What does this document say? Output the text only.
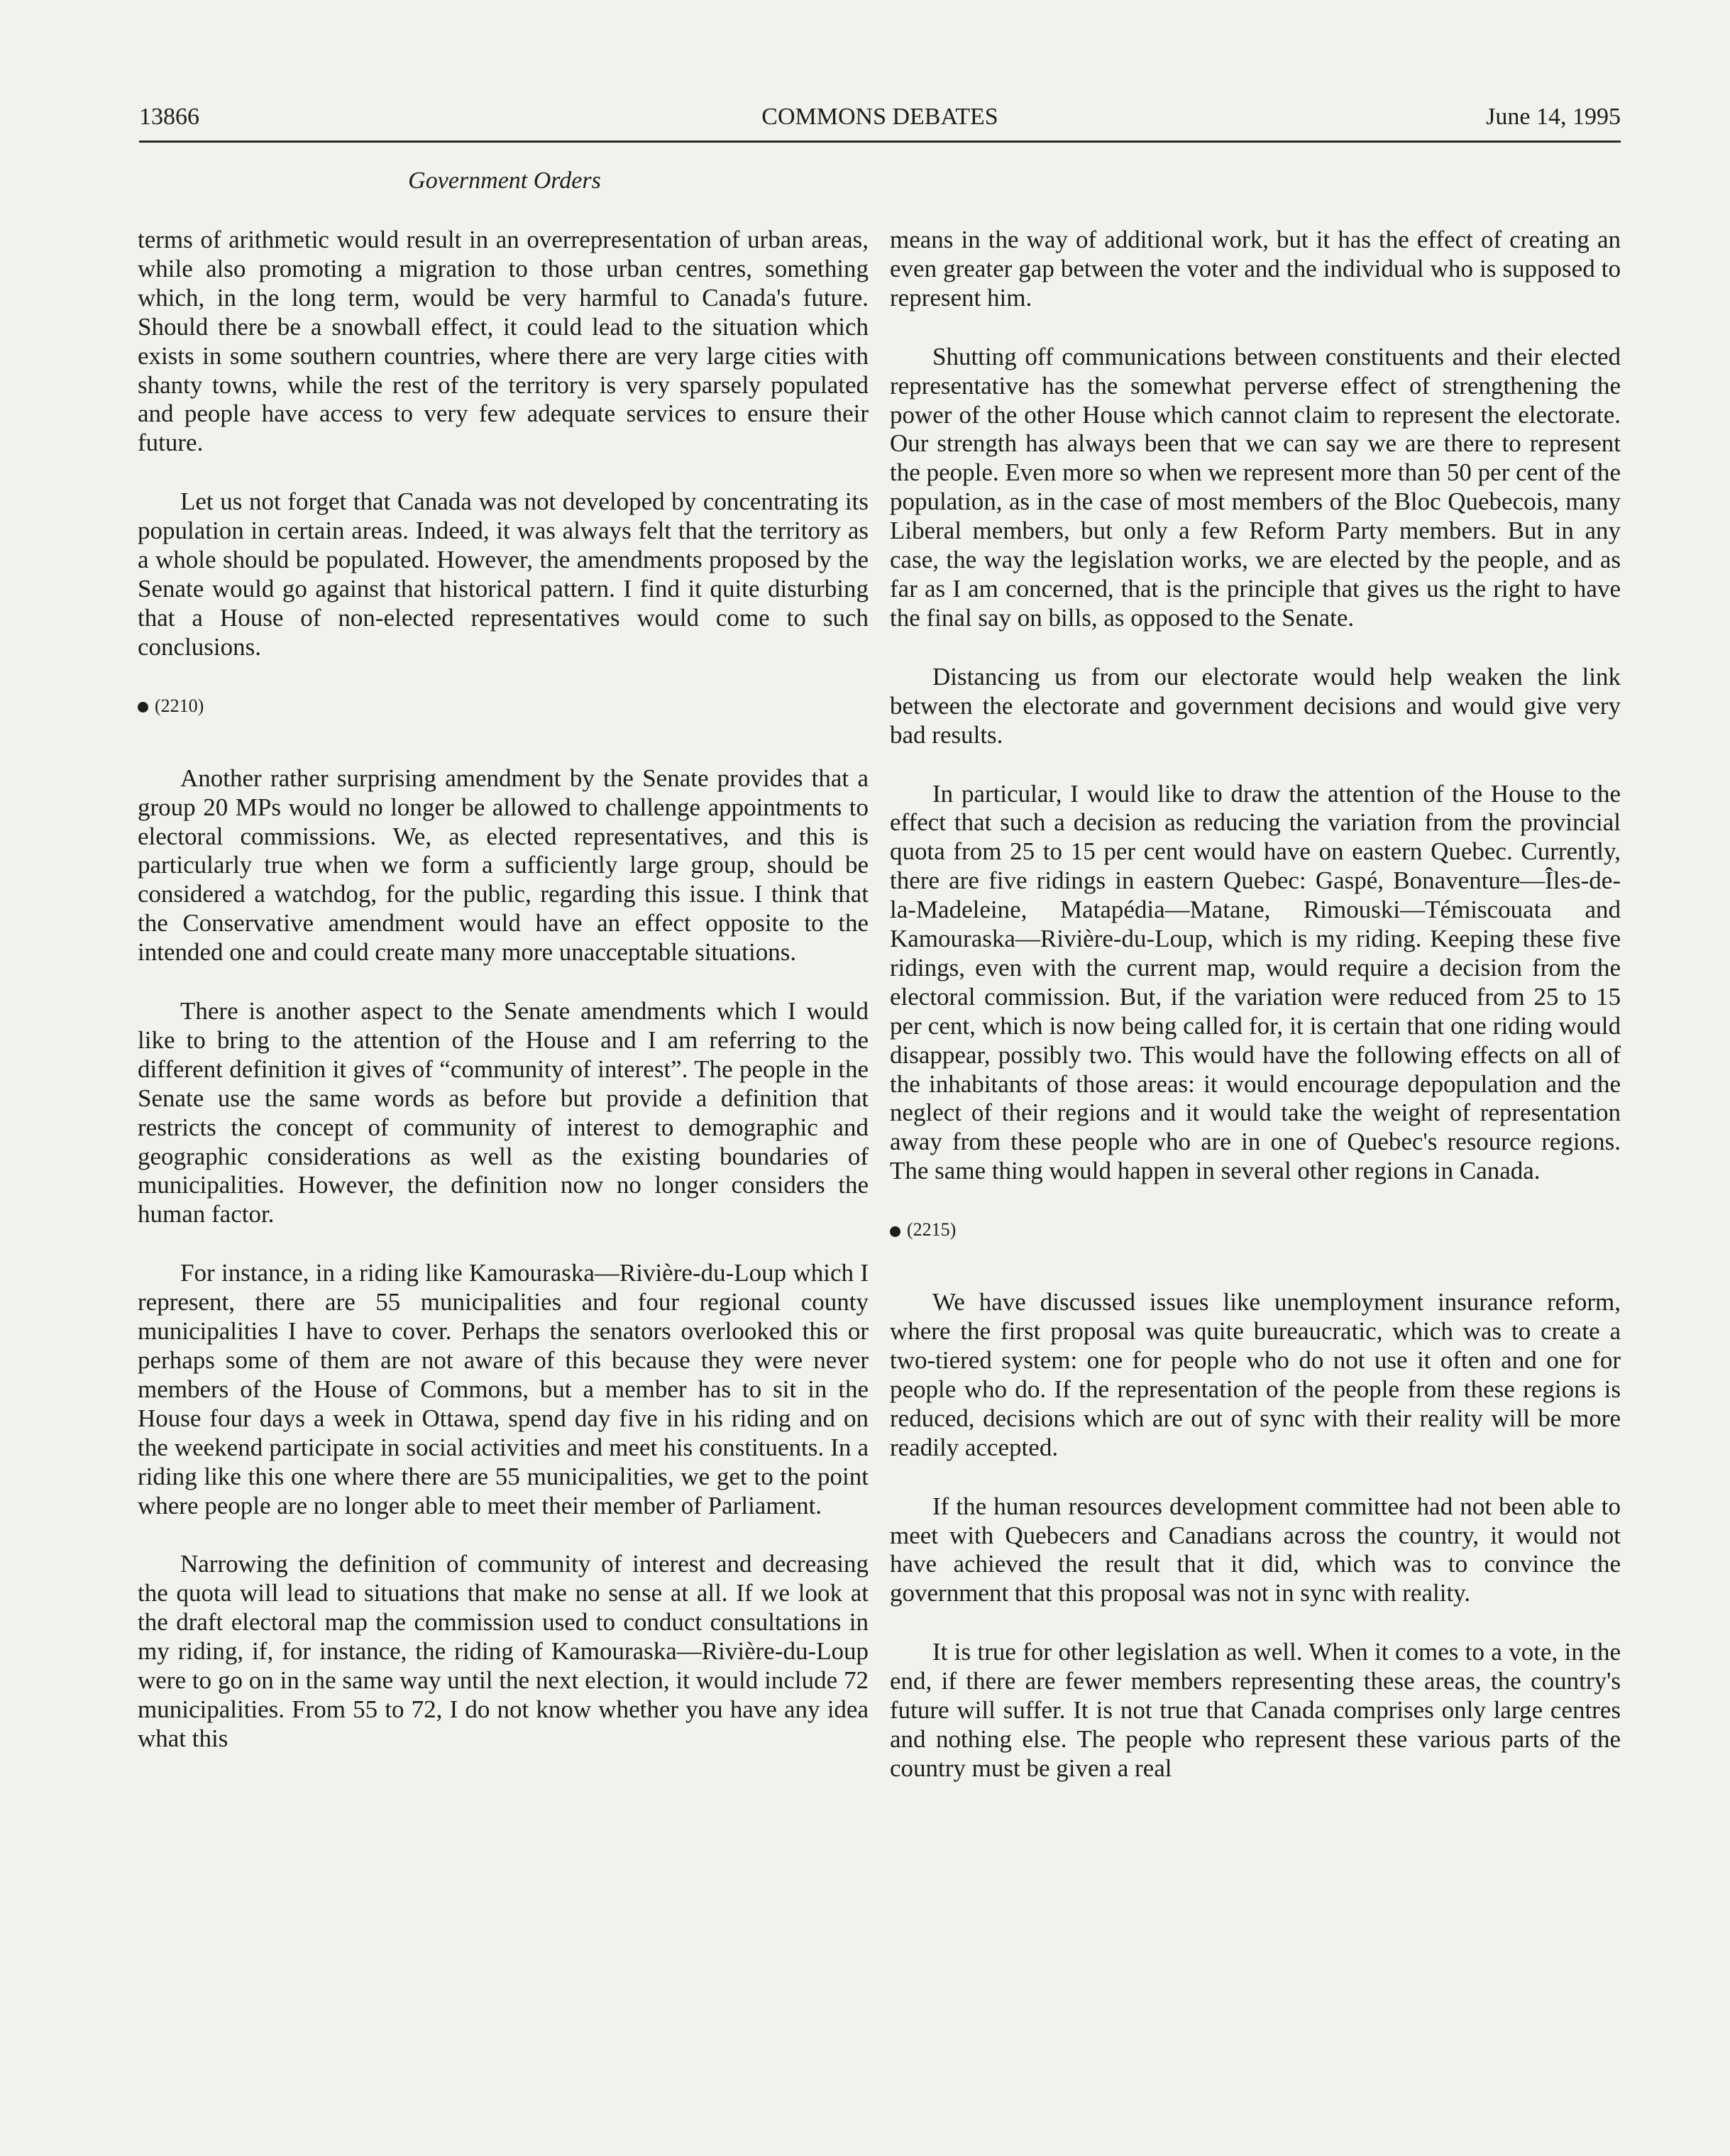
13866	COMMONS DEBATES	June 14, 1995
Government Orders

terms of arithmetic would result in an overrepresentation of urban areas, while also promoting a migration to those urban centres, something which, in the long term, would be very harmful to Canada's future. Should there be a snowball effect, it could lead to the situation which exists in some southern countries, where there are very large cities with shanty towns, while the rest of the territory is very sparsely populated and people have access to very few adequate services to ensure their future.

Let us not forget that Canada was not developed by concentrating its population in certain areas. Indeed, it was always felt that the territory as a whole should be populated. However, the amendments proposed by the Senate would go against that historical pattern. I find it quite disturbing that a House of non-elected representatives would come to such conclusions.

(2210)

Another rather surprising amendment by the Senate provides that a group 20 MPs would no longer be allowed to challenge appointments to electoral commissions. We, as elected representatives, and this is particularly true when we form a sufficiently large group, should be considered a watchdog, for the public, regarding this issue. I think that the Conservative amendment would have an effect opposite to the intended one and could create many more unacceptable situations.

There is another aspect to the Senate amendments which I would like to bring to the attention of the House and I am referring to the different definition it gives of “community of interest”. The people in the Senate use the same words as before but provide a definition that restricts the concept of community of interest to demographic and geographic considerations as well as the existing boundaries of municipalities. However, the definition now no longer considers the human factor.

For instance, in a riding like Kamouraska—Rivière-du-Loup which I represent, there are 55 municipalities and four regional county municipalities I have to cover. Perhaps the senators overlooked this or perhaps some of them are not aware of this because they were never members of the House of Commons, but a member has to sit in the House four days a week in Ottawa, spend day five in his riding and on the weekend participate in social activities and meet his constituents. In a riding like this one where there are 55 municipalities, we get to the point where people are no longer able to meet their member of Parliament.

Narrowing the definition of community of interest and decreasing the quota will lead to situations that make no sense at all. If we look at the draft electoral map the commission used to conduct consultations in my riding, if, for instance, the riding of Kamouraska—Rivière-du-Loup were to go on in the same way until the next election, it would include 72 municipalities. From 55 to 72, I do not know whether you have any idea what this

means in the way of additional work, but it has the effect of creating an even greater gap between the voter and the individual who is supposed to represent him.

Shutting off communications between constituents and their elected representative has the somewhat perverse effect of strengthening the power of the other House which cannot claim to represent the electorate. Our strength has always been that we can say we are there to represent the people. Even more so when we represent more than 50 per cent of the population, as in the case of most members of the Bloc Quebecois, many Liberal members, but only a few Reform Party members. But in any case, the way the legislation works, we are elected by the people, and as far as I am concerned, that is the principle that gives us the right to have the final say on bills, as opposed to the Senate.

Distancing us from our electorate would help weaken the link between the electorate and government decisions and would give very bad results.

In particular, I would like to draw the attention of the House to the effect that such a decision as reducing the variation from the provincial quota from 25 to 15 per cent would have on eastern Quebec. Currently, there are five ridings in eastern Quebec: Gaspé, Bonaventure—Îles-de-la-Madeleine, Matapédia—Matane, Rimouski—Témiscouata and Kamouraska—Rivière-du-Loup, which is my riding. Keeping these five ridings, even with the current map, would require a decision from the electoral commission. But, if the variation were reduced from 25 to 15 per cent, which is now being called for, it is certain that one riding would disappear, possibly two. This would have the following effects on all of the inhabitants of those areas: it would encourage depopulation and the neglect of their regions and it would take the weight of representation away from these people who are in one of Quebec's resource regions. The same thing would happen in several other regions in Canada.

(2215)

We have discussed issues like unemployment insurance reform, where the first proposal was quite bureaucratic, which was to create a two-tiered system: one for people who do not use it often and one for people who do. If the representation of the people from these regions is reduced, decisions which are out of sync with their reality will be more readily accepted.

If the human resources development committee had not been able to meet with Quebecers and Canadians across the country, it would not have achieved the result that it did, which was to convince the government that this proposal was not in sync with reality.

It is true for other legislation as well. When it comes to a vote, in the end, if there are fewer members representing these areas, the country's future will suffer. It is not true that Canada comprises only large centres and nothing else. The people who represent these various parts of the country must be given a real
